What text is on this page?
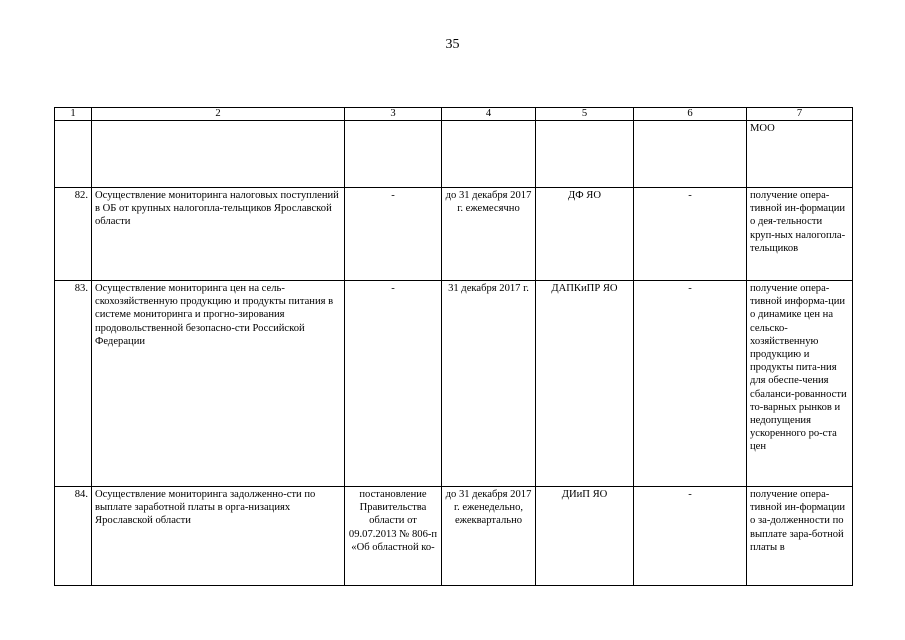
35
1	2	3	4	5	6	7
						МОО
82.	Осуществление мониторинга налоговых поступлений в ОБ от крупных налогопла-тельщиков Ярославской области	-	до 31 декабря 2017 г. ежемесячно	ДФ ЯО	-	получение опера-тивной ин-формации о дея-тельности круп-ных налогопла-тельщиков
83.	Осуществление мониторинга цен на сель-скохозяйственную продукцию и продукты питания в системе мониторинга и прогно-зирования продовольственной безопасно-сти Российской Федерации	-	31 декабря 2017 г.	ДАПКиПР ЯО	-	получение опера-тивной информа-ции о динамике цен на сельско-хозяйственную продукцию и продукты пита-ния для обеспе-чения сбаланси-рованности то-варных рынков и недопущения ускоренного ро-ста цен
84.	Осуществление мониторинга задолженно-сти по выплате заработной платы в орга-низациях Ярославской области	постановление Правительства области от 09.07.2013 № 806-п «Об областной ко-	до 31 декабря 2017 г. еженедельно, ежеквартально	ДИиП ЯО	-	получение опера-тивной ин-формации о за-долженности по выплате зара-ботной платы в
